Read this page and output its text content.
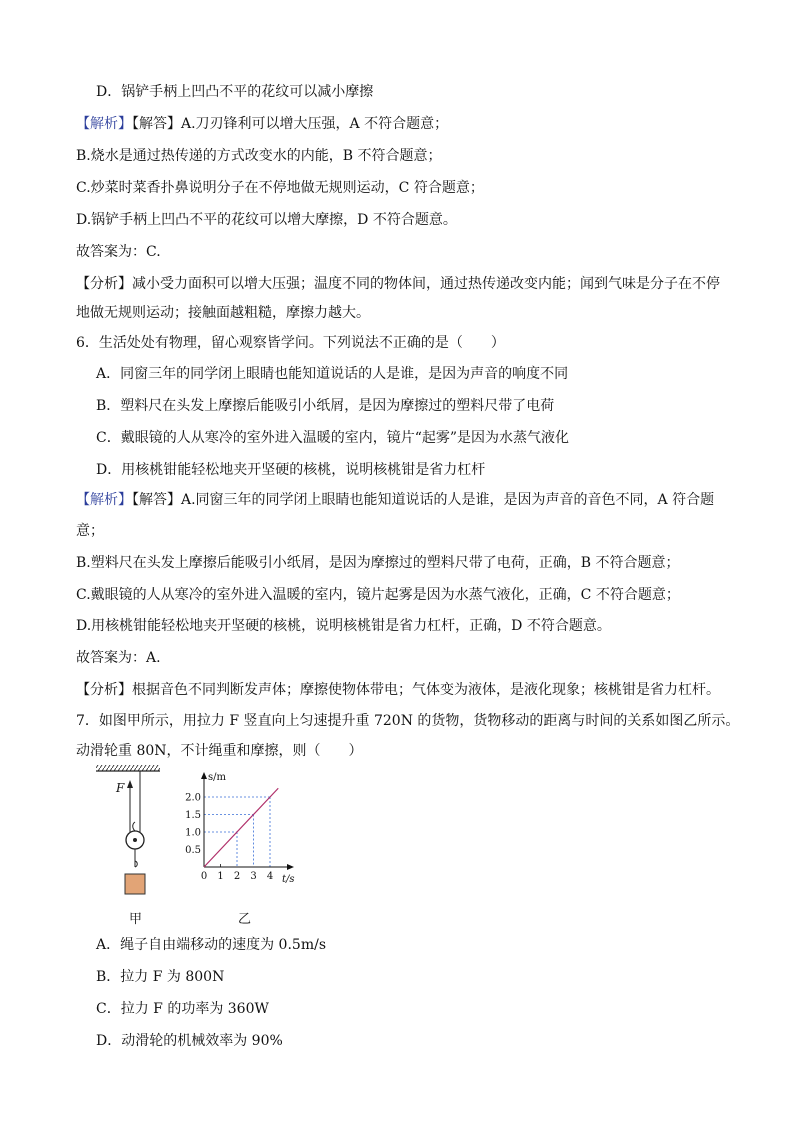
D．锅铲手柄上凹凸不平的花纹可以减小摩擦
【解析】【解答】A.刀刃锋利可以增大压强，A 不符合题意；
B.烧水是通过热传递的方式改变水的内能，B 不符合题意；
C.炒菜时菜香扑鼻说明分子在不停地做无规则运动，C 符合题意；
D.锅铲手柄上凹凸不平的花纹可以增大摩擦，D 不符合题意。
故答案为：C.
【分析】减小受力面积可以增大压强；温度不同的物体间，通过热传递改变内能；闻到气味是分子在不停
地做无规则运动；接触面越粗糙，摩擦力越大。
6．生活处处有物理，留心观察皆学问。下列说法不正确的是（　　）
A．同窗三年的同学闭上眼睛也能知道说话的人是谁，是因为声音的响度不同
B．塑料尺在头发上摩擦后能吸引小纸屑，是因为摩擦过的塑料尺带了电荷
C．戴眼镜的人从寒冷的室外进入温暖的室内，镜片“起雾”是因为水蒸气液化
D．用核桃钳能轻松地夹开坚硬的核桃，说明核桃钳是省力杠杆
【解析】【解答】A.同窗三年的同学闭上眼睛也能知道说话的人是谁，是因为声音的音色不同，A 符合题
意；
B.塑料尺在头发上摩擦后能吸引小纸屑，是因为摩擦过的塑料尺带了电荷，正确，B 不符合题意；
C.戴眼镜的人从寒冷的室外进入温暖的室内，镜片起雾是因为水蒸气液化，正确，C 不符合题意；
D.用核桃钳能轻松地夹开坚硬的核桃，说明核桃钳是省力杠杆，正确，D 不符合题意。
故答案为：A.
【分析】根据音色不同判断发声体；摩擦使物体带电；气体变为液体，是液化现象；核桃钳是省力杠杆。
7．如图甲所示，用拉力 F 竖直向上匀速提升重 720N 的货物，货物移动的距离与时间的关系如图乙所示。
动滑轮重 80N，不计绳重和摩擦，则（　　）
F
甲
s/m
t/s
0 1 2 3 4
0.5
1.0
1.5
2.0
乙
A．绳子自由端移动的速度为 0.5m/s
B．拉力 F 为 800N
C．拉力 F 的功率为 360W
D．动滑轮的机械效率为 90%
